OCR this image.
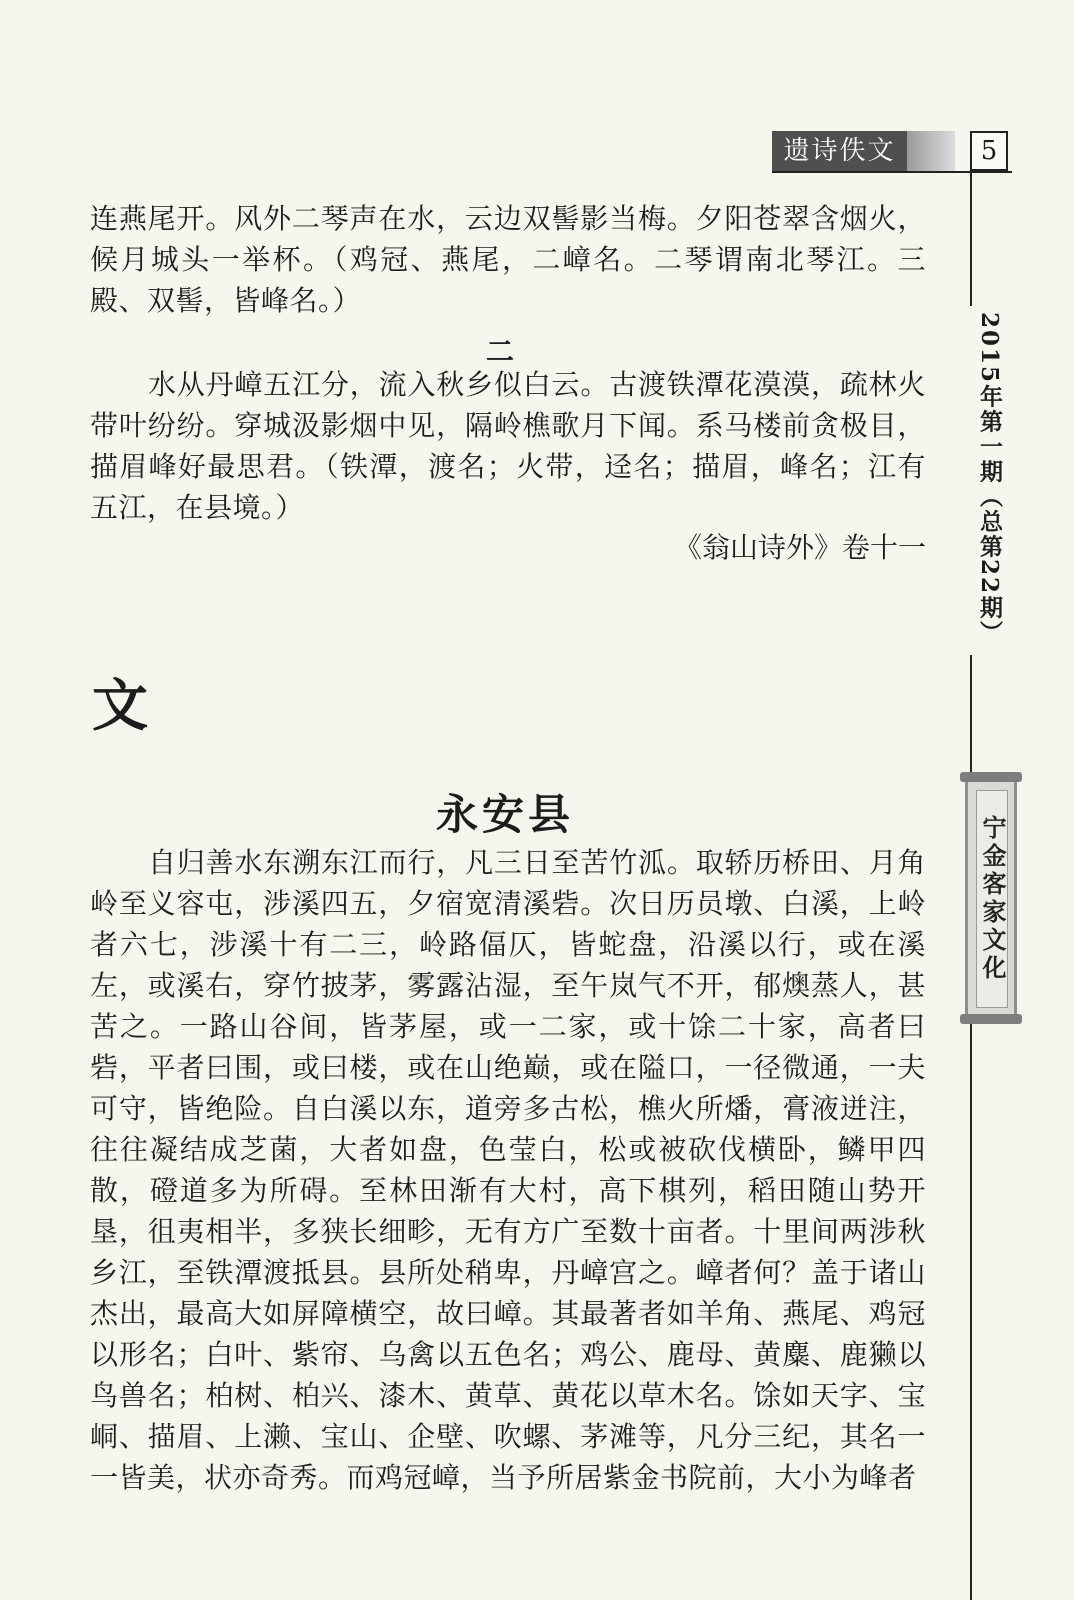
遗诗佚文	5
2015年第一期（总第22期）
宁金客家文化

连燕尾开。风外二琴声在水，云边双髻影当梅。夕阳苍翠含烟火，候月城头一举杯。（鸡冠、燕尾，二嶂名。二琴谓南北琴江。三殿、双髻，皆峰名。）

二

水从丹嶂五江分，流入秋乡似白云。古渡铁潭花漠漠，疏林火带叶纷纷。穿城汲影烟中见，隔岭樵歌月下闻。系马楼前贪极目，描眉峰好最思君。（铁潭，渡名；火带，迳名；描眉，峰名；江有五江，在县境。）

《翁山诗外》卷十一
文
永安县

自归善水东溯东江而行，凡三日至苦竹泒。取轿历桥田、月角岭至义容屯，涉溪四五，夕宿宽清溪砦。次日历员墩、白溪，上岭者六七，涉溪十有二三，岭路偪仄，皆蛇盘，沿溪以行，或在溪左，或溪右，穿竹披茅，雾露沾湿，至午岚气不开，郁燠蒸人，甚苦之。一路山谷间，皆茅屋，或一二家，或十馀二十家，高者曰砦，平者曰围，或曰楼，或在山绝巅，或在隘口，一径微通，一夫可守，皆绝险。自白溪以东，道旁多古松，樵火所燔，膏液迸注，往往凝结成芝菌，大者如盘，色莹白，松或被砍伐横卧，鳞甲四散，磴道多为所碍。至林田渐有大村，高下棋列，稻田随山势开垦，徂夷相半，多狭长细畛，无有方广至数十亩者。十里间两涉秋乡江，至铁潭渡抵县。县所处稍卑，丹嶂宫之。嶂者何？盖于诸山杰出，最高大如屏障横空，故曰嶂。其最著者如羊角、燕尾、鸡冠以形名；白叶、紫帘、乌禽以五色名；鸡公、鹿母、黄麋、鹿獭以鸟兽名；柏树、柏兴、漆木、黄草、黄花以草木名。馀如天字、宝峒、描眉、上濑、宝山、企壁、吹螺、茅滩等，凡分三纪，其名一一皆美，状亦奇秀。而鸡冠嶂，当予所居紫金书院前，大小为峰者
